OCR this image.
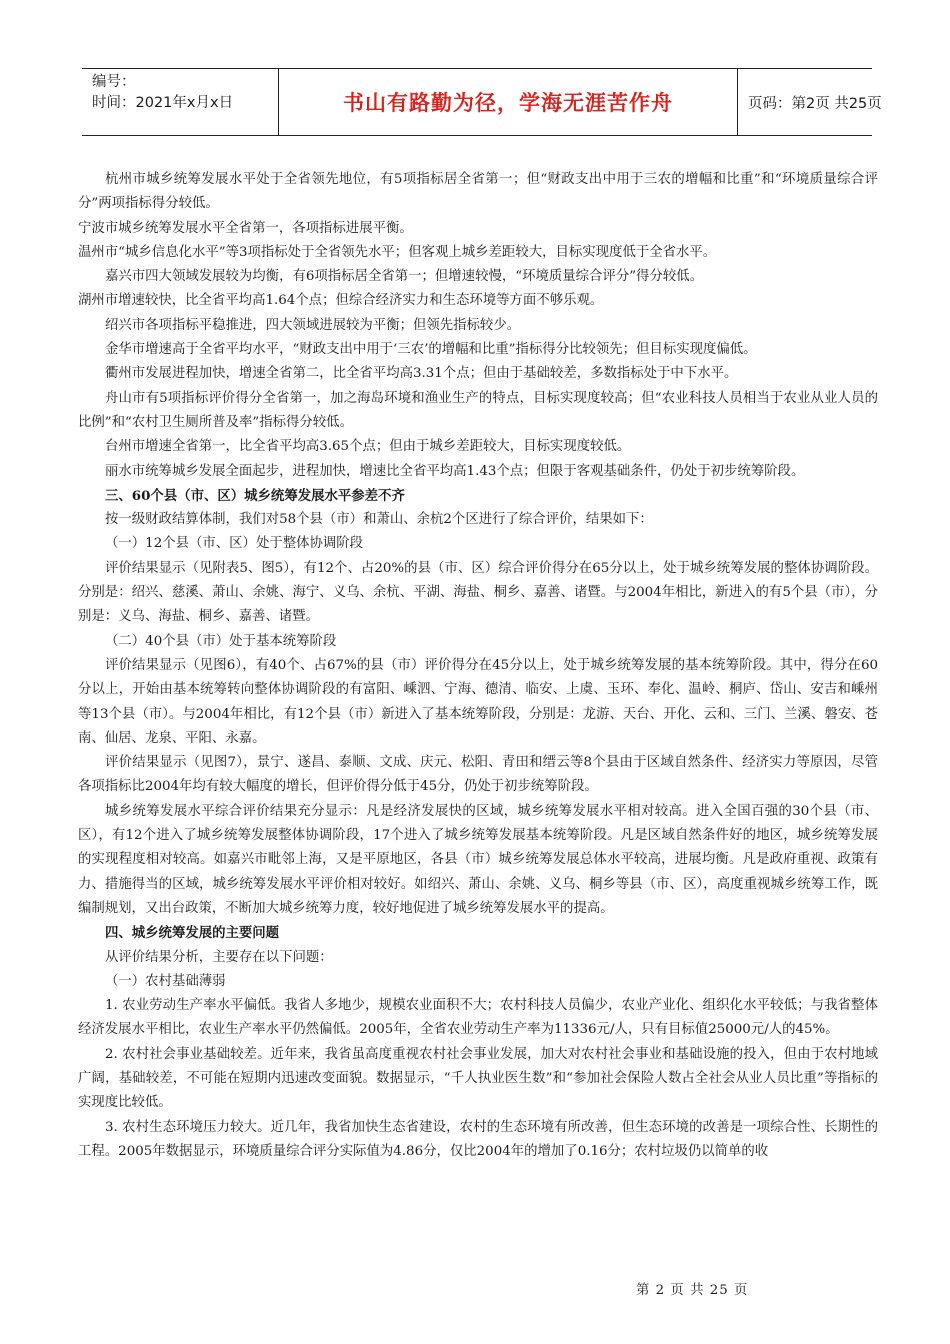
编号：
时间：2021年x月x日	书山有路勤为径，学海无涯苦作舟	页码：第2页 共25页

杭州市城乡统筹发展水平处于全省领先地位，有5项指标居全省第一；但“财政支出中用于三农的增幅和比重”和“环境质量综合评分”两项指标得分较低。

宁波市城乡统筹发展水平全省第一，各项指标进展平衡。

温州市“城乡信息化水平”等3项指标处于全省领先水平；但客观上城乡差距较大，目标实现度低于全省水平。

嘉兴市四大领域发展较为均衡，有6项指标居全省第一；但增速较慢，“环境质量综合评分”得分较低。

湖州市增速较快，比全省平均高1.64个点；但综合经济实力和生态环境等方面不够乐观。

绍兴市各项指标平稳推进，四大领域进展较为平衡；但领先指标较少。

金华市增速高于全省平均水平，“财政支出中用于‘三农’的增幅和比重”指标得分比较领先；但目标实现度偏低。

衢州市发展进程加快，增速全省第二，比全省平均高3.31个点；但由于基础较差，多数指标处于中下水平。

舟山市有5项指标评价得分全省第一，加之海岛环境和渔业生产的特点，目标实现度较高；但“农业科技人员相当于农业从业人员的比例”和“农村卫生厕所普及率”指标得分较低。

台州市增速全省第一，比全省平均高3.65个点；但由于城乡差距较大，目标实现度较低。

丽水市统筹城乡发展全面起步，进程加快，增速比全省平均高1.43个点；但限于客观基础条件，仍处于初步统筹阶段。

三、60个县（市、区）城乡统筹发展水平参差不齐

按一级财政结算体制，我们对58个县（市）和萧山、余杭2个区进行了综合评价，结果如下：

（一）12个县（市、区）处于整体协调阶段

评价结果显示（见附表5、图5），有12个、占20%的县（市、区）综合评价得分在65分以上，处于城乡统筹发展的整体协调阶段。分别是：绍兴、慈溪、萧山、余姚、海宁、义乌、余杭、平湖、海盐、桐乡、嘉善、诸暨。与2004年相比，新进入的有5个县（市），分别是：义乌、海盐、桐乡、嘉善、诸暨。

（二）40个县（市）处于基本统筹阶段

评价结果显示（见图6），有40个、占67%的县（市）评价得分在45分以上，处于城乡统筹发展的基本统筹阶段。其中，得分在60分以上，开始由基本统筹转向整体协调阶段的有富阳、嵊泗、宁海、德清、临安、上虞、玉环、奉化、温岭、桐庐、岱山、安吉和嵊州等13个县（市）。与2004年相比，有12个县（市）新进入了基本统筹阶段，分别是：龙游、天台、开化、云和、三门、兰溪、磐安、苍南、仙居、龙泉、平阳、永嘉。

评价结果显示（见图7），景宁、遂昌、泰顺、文成、庆元、松阳、青田和缙云等8个县由于区域自然条件、经济实力等原因，尽管各项指标比2004年均有较大幅度的增长，但评价得分低于45分，仍处于初步统筹阶段。

城乡统筹发展水平综合评价结果充分显示：凡是经济发展快的区域，城乡统筹发展水平相对较高。进入全国百强的30个县（市、区），有12个进入了城乡统筹发展整体协调阶段，17个进入了城乡统筹发展基本统筹阶段。凡是区域自然条件好的地区，城乡统筹发展的实现程度相对较高。如嘉兴市毗邻上海，又是平原地区，各县（市）城乡统筹发展总体水平较高，进展均衡。凡是政府重视、政策有力、措施得当的区域，城乡统筹发展水平评价相对较好。如绍兴、萧山、余姚、义乌、桐乡等县（市、区），高度重视城乡统筹工作，既编制规划，又出台政策，不断加大城乡统筹力度，较好地促进了城乡统筹发展水平的提高。

四、城乡统筹发展的主要问题

从评价结果分析，主要存在以下问题：

（一）农村基础薄弱

1. 农业劳动生产率水平偏低。我省人多地少，规模农业面积不大；农村科技人员偏少，农业产业化、组织化水平较低；与我省整体经济发展水平相比，农业生产率水平仍然偏低。2005年，全省农业劳动生产率为11336元/人，只有目标值25000元/人的45%。

2. 农村社会事业基础较差。近年来，我省虽高度重视农村社会事业发展，加大对农村社会事业和基础设施的投入，但由于农村地域广阔，基础较差，不可能在短期内迅速改变面貌。数据显示，“千人执业医生数”和“参加社会保险人数占全社会从业人员比重”等指标的实现度比较低。

3. 农村生态环境压力较大。近几年，我省加快生态省建设，农村的生态环境有所改善，但生态环境的改善是一项综合性、长期性的工程。2005年数据显示，环境质量综合评分实际值为4.86分，仅比2004年的增加了0.16分；农村垃圾仍以简单的收

第 2 页 共 25 页
